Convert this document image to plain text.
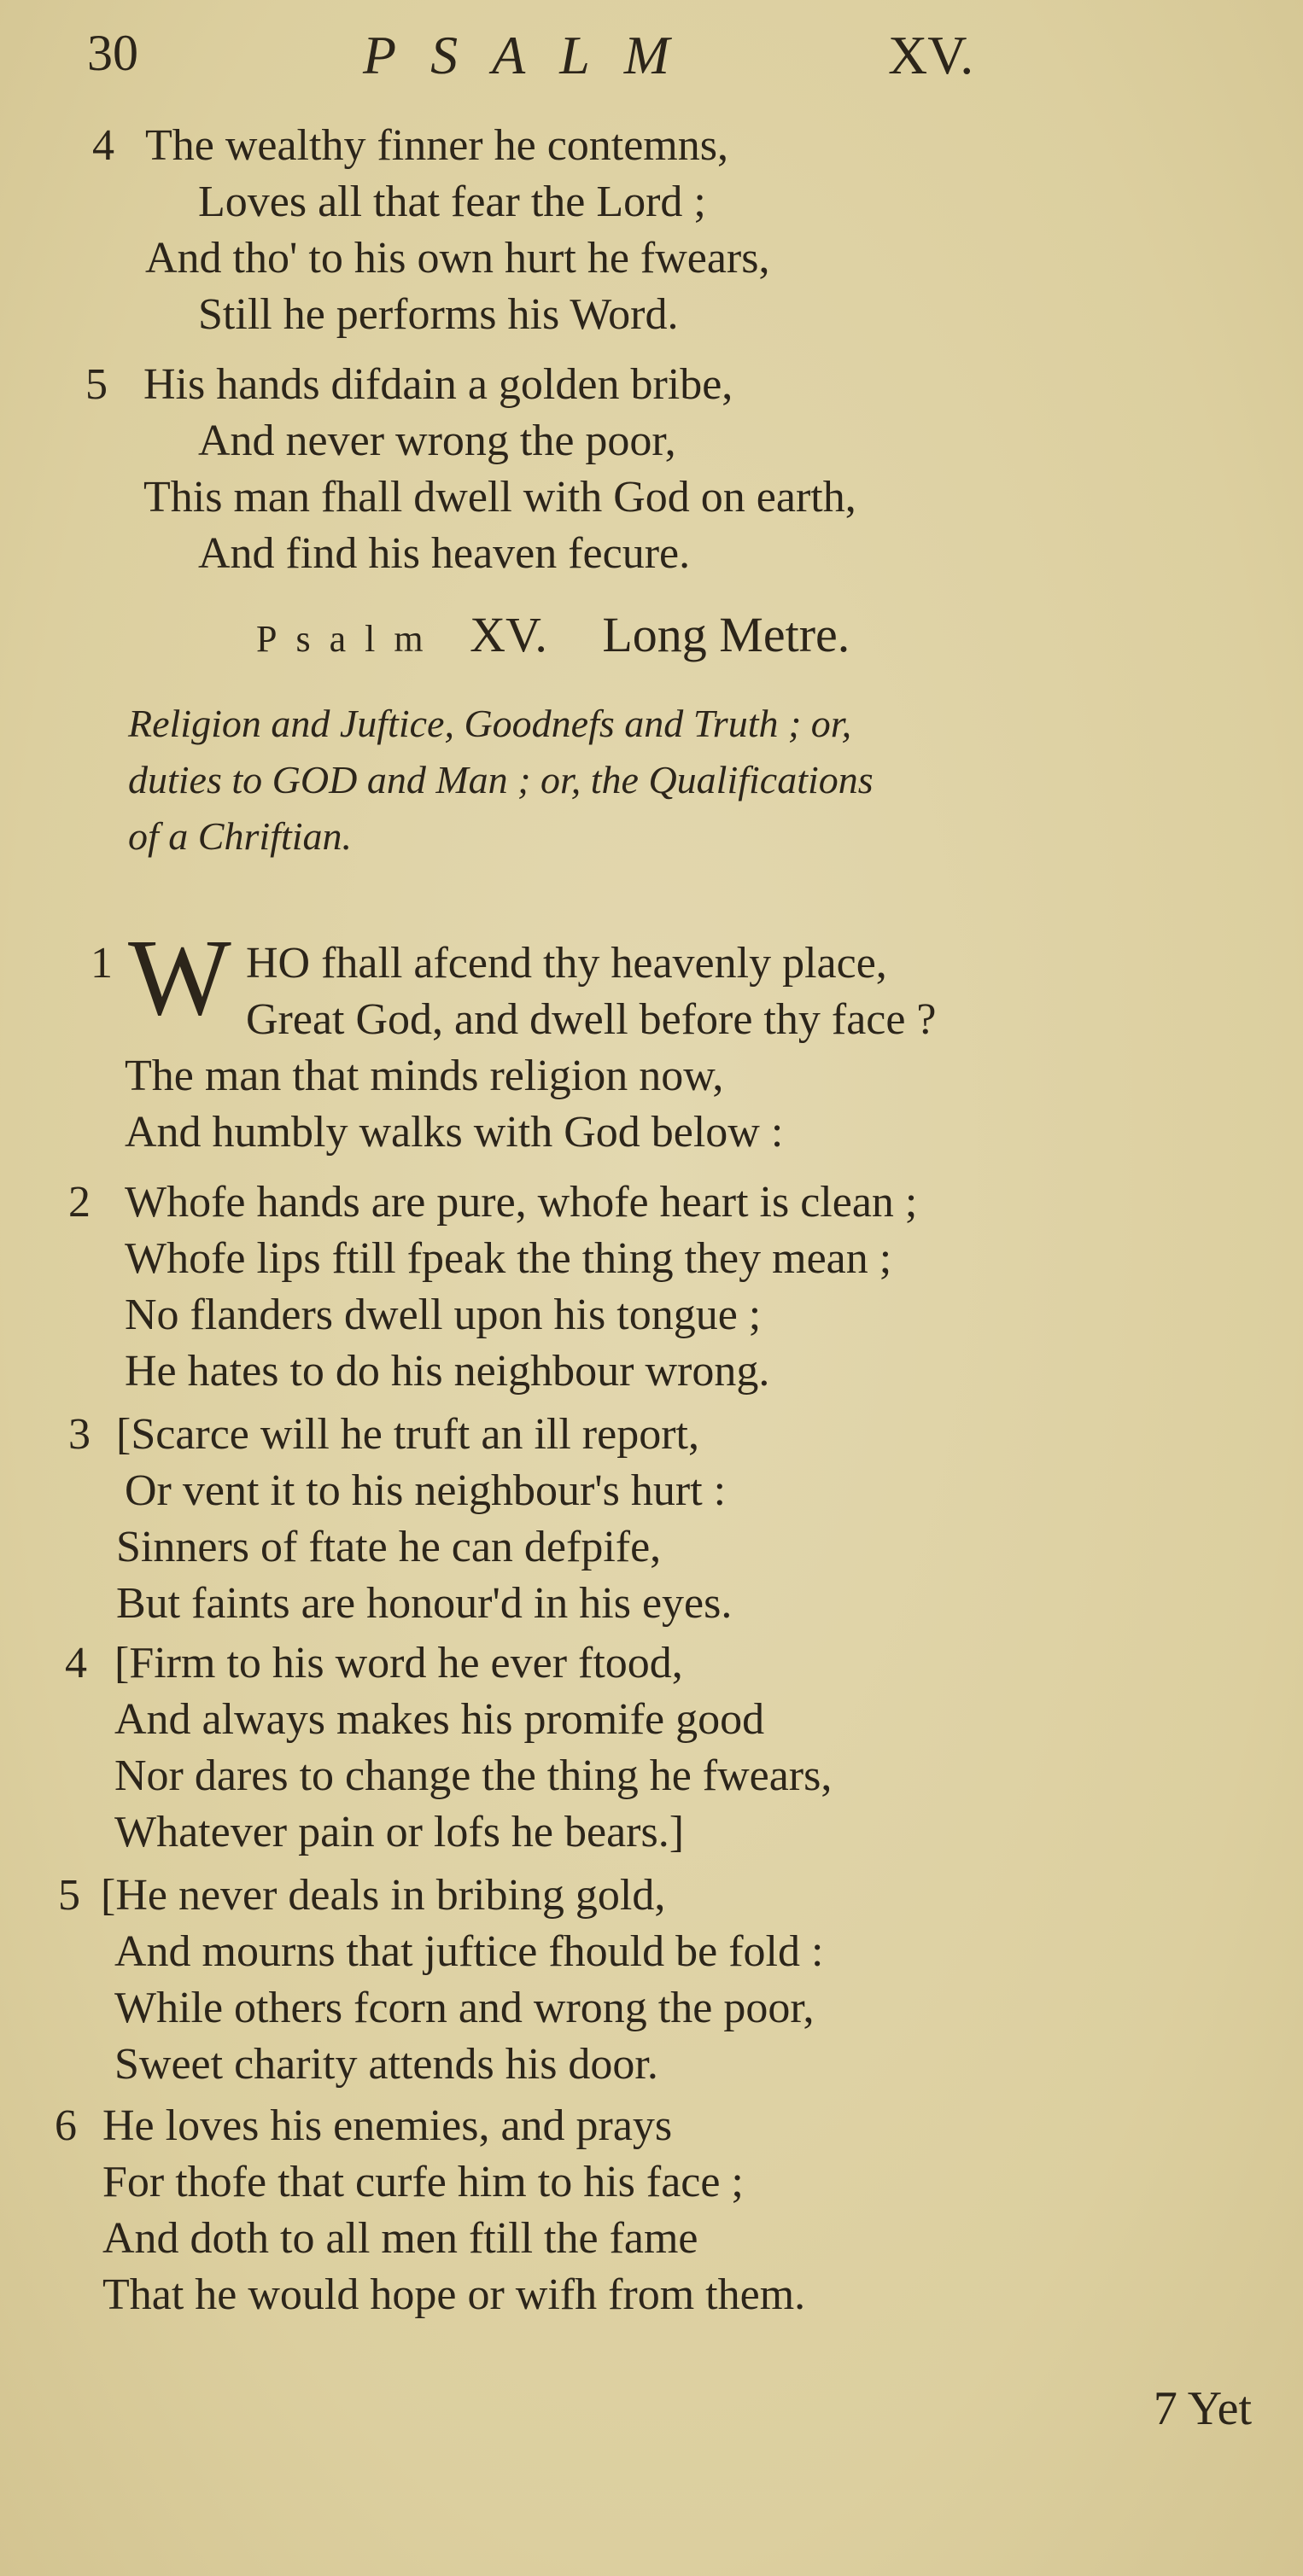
30	PSALM	XV.
4 The wealthy finner he contemns,
Loves all that fear the Lord ;
And tho' to his own hurt he fwears,
Still he performs his Word.
5 His hands difdain a golden bribe,
And never wrong the poor,
This man fhall dwell with God on earth,
And find his heaven fecure.
Psalm XV. Long Metre.
Religion and Juftice, Goodnefs and Truth ; or,
duties to GOD and Man ; or, the Qualifications
of a Chriftian.
1 W HO fhall afcend thy heavenly place,
Great God, and dwell before thy face ?
The man that minds religion now,
And humbly walks with God below :
2 Whofe hands are pure, whofe heart is clean ;
Whofe lips ftill fpeak the thing they mean ;
No flanders dwell upon his tongue ;
He hates to do his neighbour wrong.
3 [Scarce will he truft an ill report,
Or vent it to his neighbour's hurt :
Sinners of ftate he can defpife,
But faints are honour'd in his eyes.
4 [Firm to his word he ever ftood,
And always makes his promife good
Nor dares to change the thing he fwears,
Whatever pain or lofs he bears.]
5 [He never deals in bribing gold,
And mourns that juftice fhould be fold :
While others fcorn and wrong the poor,
Sweet charity attends his door.
6 He loves his enemies, and prays
For thofe that curfe him to his face ;
And doth to all men ftill the fame
That he would hope or wifh from them.
7 Yet
